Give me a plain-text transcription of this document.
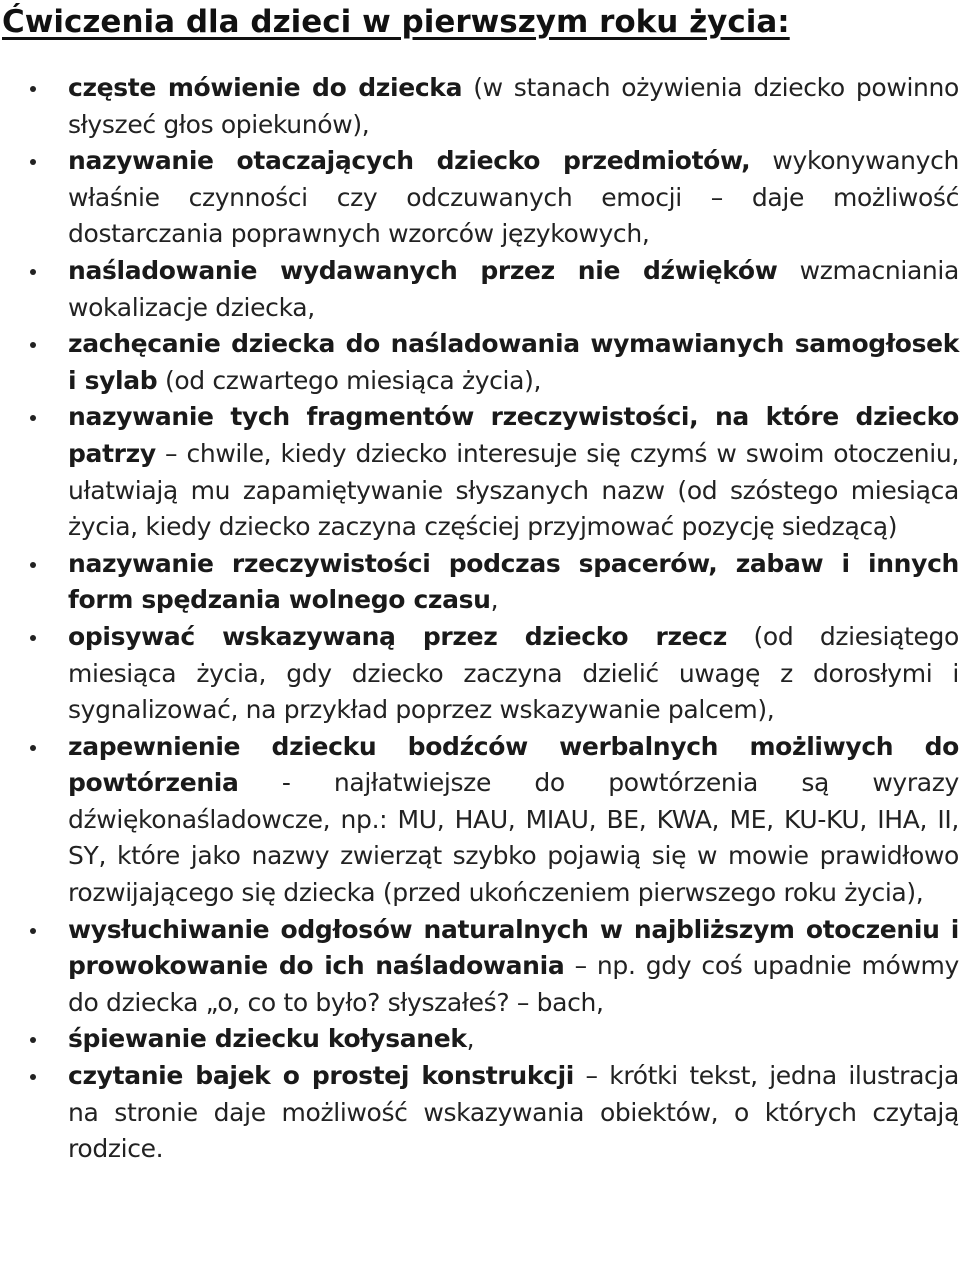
Ćwiczenia dla dzieci w pierwszym roku życia:
częste mówienie do dziecka (w stanach ożywienia dziecko powinno słyszeć głos opiekunów),
nazywanie otaczających dziecko przedmiotów, wykonywanych właśnie czynności czy odczuwanych emocji – daje możliwość dostarczania poprawnych wzorców językowych,
naśladowanie wydawanych przez nie dźwięków wzmacniania wokalizacje dziecka,
zachęcanie dziecka do naśladowania wymawianych samogłosek i sylab (od czwartego miesiąca życia),
nazywanie tych fragmentów rzeczywistości, na które dziecko patrzy – chwile, kiedy dziecko interesuje się czymś w swoim otoczeniu, ułatwiają mu zapamiętywanie słyszanych nazw (od szóstego miesiąca życia, kiedy dziecko zaczyna częściej przyjmować pozycję siedzącą)
nazywanie rzeczywistości podczas spacerów, zabaw i innych form spędzania wolnego czasu,
opisywać wskazywaną przez dziecko rzecz (od dziesiątego miesiąca życia, gdy dziecko zaczyna dzielić uwagę z dorosłymi i sygnalizować, na przykład poprzez wskazywanie palcem),
zapewnienie dziecku bodźców werbalnych możliwych do powtórzenia - najłatwiejsze do powtórzenia są wyrazy dźwiękonaśladowcze, np.: MU, HAU, MIAU, BE, KWA, ME, KU-KU, IHA, II, SY, które jako nazwy zwierząt szybko pojawią się w mowie prawidłowo rozwijającego się dziecka (przed ukończeniem pierwszego roku życia),
wysłuchiwanie odgłosów naturalnych w najbliższym otoczeniu i prowokowanie do ich naśladowania – np. gdy coś upadnie mówmy do dziecka „o, co to było? słyszałeś? – bach,
śpiewanie dziecku kołysanek,
czytanie bajek o prostej konstrukcji – krótki tekst, jedna ilustracja na stronie daje możliwość wskazywania obiektów, o których czytają rodzice.
